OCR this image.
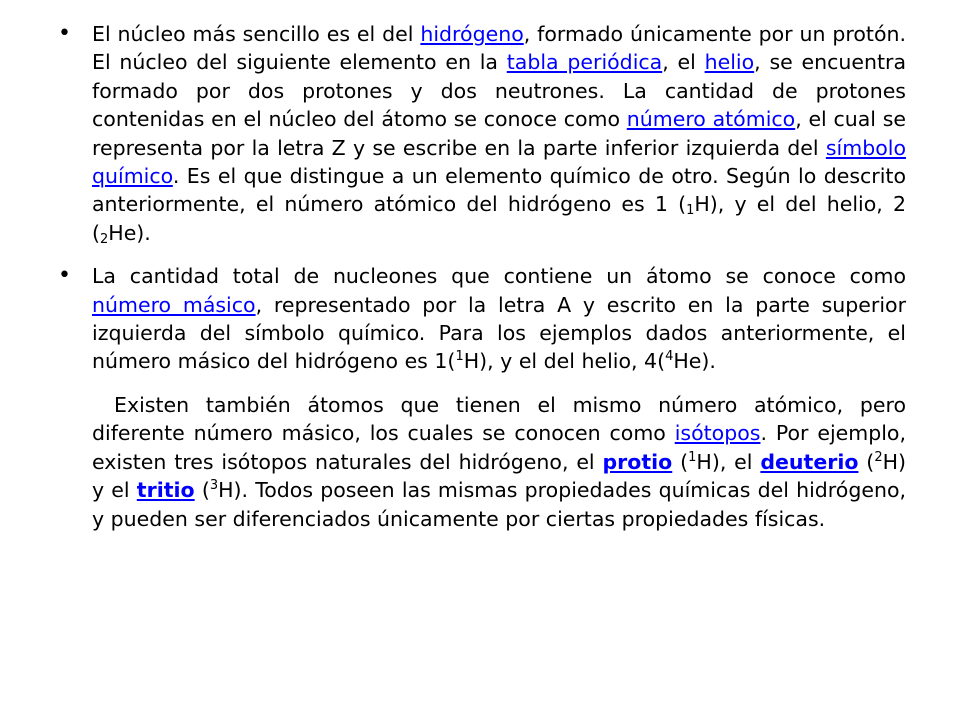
• El núcleo más sencillo es el del hidrógeno, formado únicamente por un protón. El núcleo del siguiente elemento en la tabla periódica, el helio, se encuentra formado por dos protones y dos neutrones. La cantidad de protones contenidas en el núcleo del átomo se conoce como número atómico, el cual se representa por la letra Z y se escribe en la parte inferior izquierda del símbolo químico. Es el que distingue a un elemento químico de otro. Según lo descrito anteriormente, el número atómico del hidrógeno es 1 $(_1H)$, y el del helio, 2 $(_2He)$.

• La cantidad total de nucleones que contiene un átomo se conoce como número másico, representado por la letra A y escrito en la parte superior izquierda del símbolo químico. Para los ejemplos dados anteriormente, el número másico del hidrógeno es 1($^1$H), y el del helio, 4($^4$He).

Existen también átomos que tienen el mismo número atómico, pero diferente número másico, los cuales se conocen como isótopos. Por ejemplo, existen tres isótopos naturales del hidrógeno, el protio ($^1$H), el deuterio ($^2$H) y el tritio ($^3$H). Todos poseen las mismas propiedades químicas del hidrógeno, y pueden ser diferenciados únicamente por ciertas propiedades físicas.
